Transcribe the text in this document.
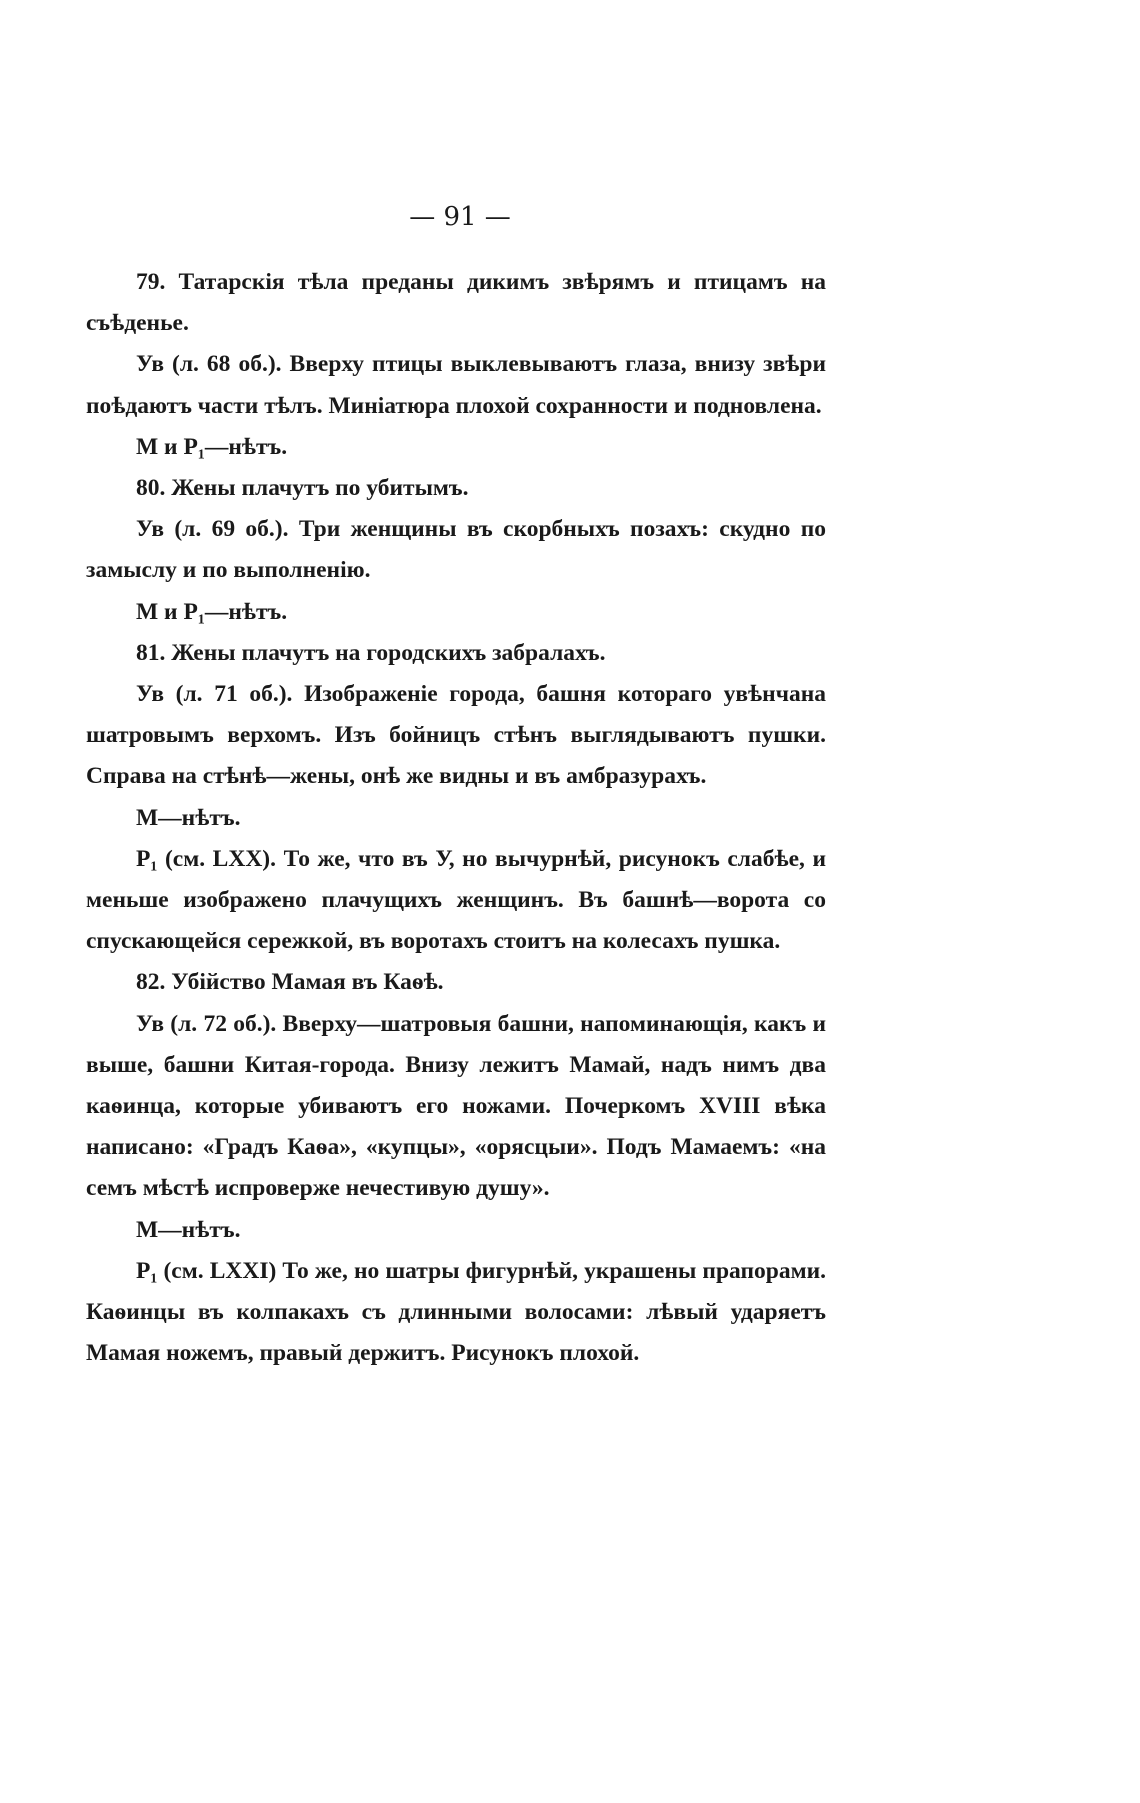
— 91 —

79. Татарскія тѣла преданы дикимъ звѣрямъ и птицамъ на съѣденье.

Ув (л. 68 об.). Вверху птицы выклевываютъ глаза, внизу звѣри поѣдаютъ части тѣлъ. Миніатюра плохой сохранности и подновлена.

М и Р₁—нѣтъ.

80. Жены плачутъ по убитымъ.

Ув (л. 69 об.). Три женщины въ скорбныхъ позахъ: скудно по замыслу и по выполненію.

М и Р₁—нѣтъ.

81. Жены плачутъ на городскихъ забралахъ.

Ув (л. 71 об.). Изображеніе города, башня котораго увѣнчана шатровымъ верхомъ. Изъ бойницъ стѣнъ выглядываютъ пушки. Справа на стѣнѣ—жены, онѣ же видны и въ амбразурахъ.

М—нѣтъ.

Р₁ (см. LXX). То же, что въ У, но вычурнѣй, рисунокъ слабѣе, и меньше изображено плачущихъ женщинъ. Въ башнѣ—ворота со спускающейся сережкой, въ воротахъ стоитъ на колесахъ пушка.

82. Убійство Мамая въ Каѳѣ.

Ув (л. 72 об.). Вверху—шатровыя башни, напоминающія, какъ и выше, башни Китая-города. Внизу лежитъ Мамай, надъ нимъ два каѳинца, которые убиваютъ его ножами. Почеркомъ XVIII вѣка написано: «Градъ Каѳа», «купцы», «орясцыи». Подъ Мамаемъ: «на семъ мѣстѣ испроверже нечестивую душу».

М—нѣтъ.

Р₁ (см. LXXI) То же, но шатры фигурнѣй, украшены прапорами. Каѳинцы въ колпакахъ съ длинными волосами: лѣвый ударяетъ Мамая ножемъ, правый держитъ. Рисунокъ плохой.
